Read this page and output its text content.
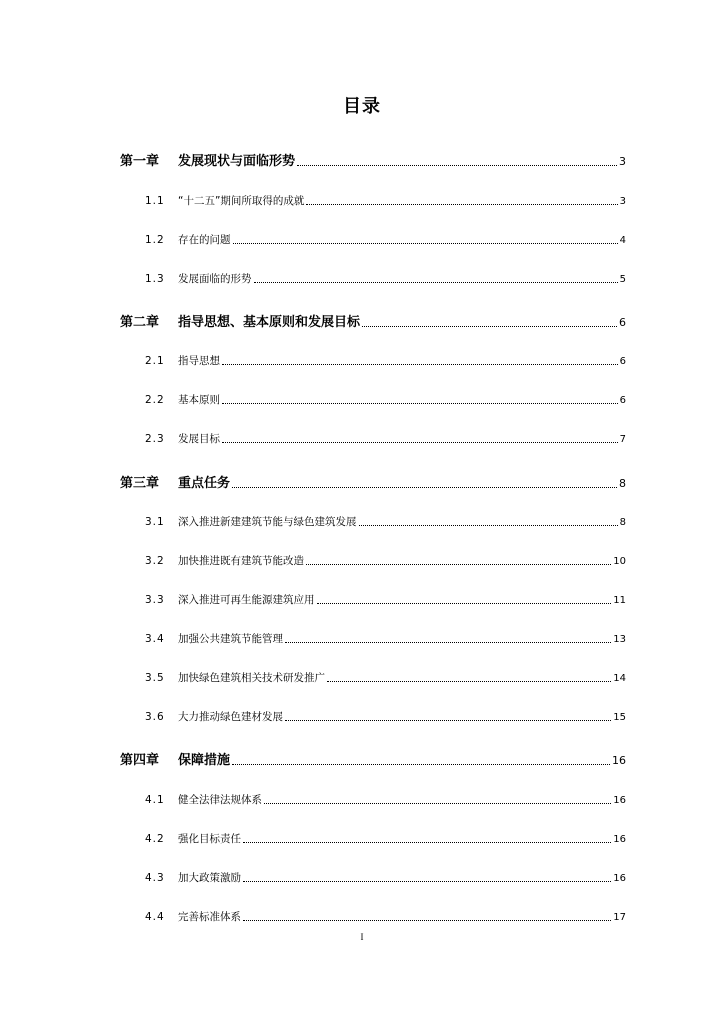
目录
第一章	发展现状与面临形势	3
1.1	“十二五”期间所取得的成就	3
1.2	存在的问题	4
1.3	发展面临的形势	5
第二章	指导思想、基本原则和发展目标	6
2.1	指导思想	6
2.2	基本原则	6
2.3	发展目标	7
第三章	重点任务	8
3.1	深入推进新建建筑节能与绿色建筑发展	8
3.2	加快推进既有建筑节能改造	10
3.3	深入推进可再生能源建筑应用	11
3.4	加强公共建筑节能管理	13
3.5	加快绿色建筑相关技术研发推广	14
3.6	大力推动绿色建材发展	15
第四章	保障措施	16
4.1	健全法律法规体系	16
4.2	强化目标责任	16
4.3	加大政策激励	16
4.4	完善标准体系	17
I
